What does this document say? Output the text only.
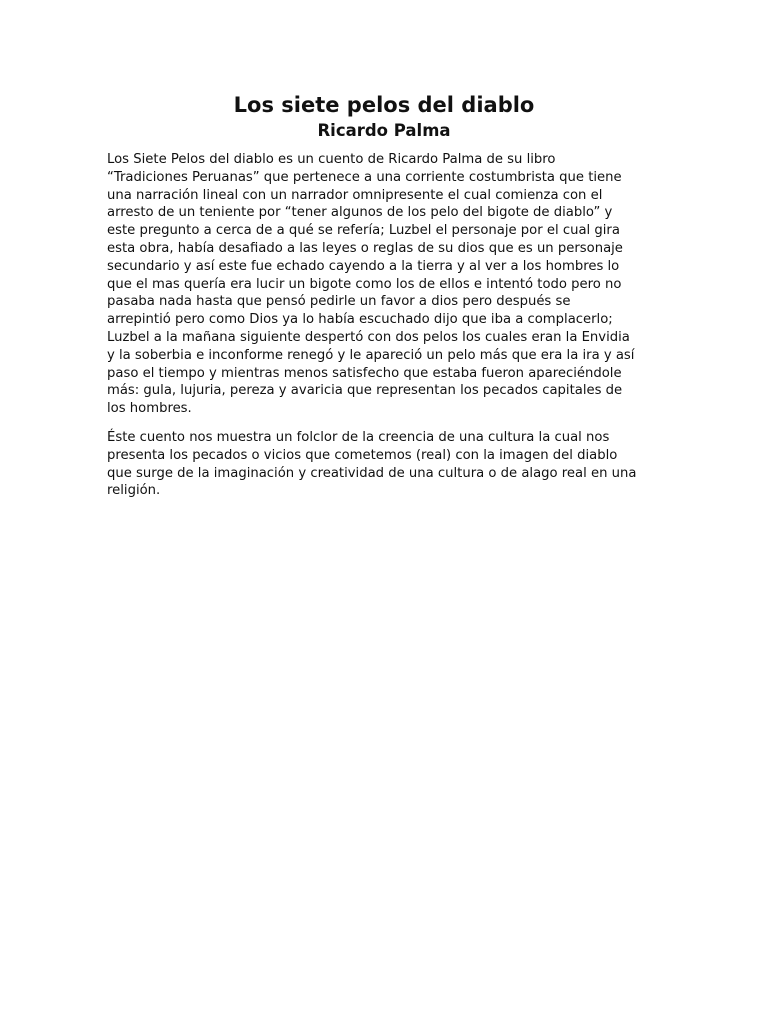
Los siete pelos del diablo
Ricardo Palma

Los Siete Pelos del diablo es un cuento de Ricardo Palma de su libro
“Tradiciones Peruanas” que pertenece a una corriente costumbrista que tiene
una narración lineal con un narrador omnipresente el cual comienza con el
arresto de un teniente por “tener algunos de los pelo del bigote de diablo” y
este pregunto a cerca de a qué se refería; Luzbel el personaje por el cual gira
esta obra, había desafiado a las leyes o reglas de su dios que es un personaje
secundario y así este fue echado cayendo a la tierra y al ver a los hombres lo
que el mas quería era lucir un bigote como los de ellos e intentó todo pero no
pasaba nada hasta que pensó pedirle un favor a dios pero después se
arrepintió pero como Dios ya lo había escuchado dijo que iba a complacerlo;
Luzbel a la mañana siguiente despertó con dos pelos los cuales eran la Envidia
y la soberbia e inconforme renegó y le apareció un pelo más que era la ira y así
paso el tiempo y mientras menos satisfecho que estaba fueron apareciéndole
más: gula, lujuria, pereza y avaricia que representan los pecados capitales de
los hombres.

Éste cuento nos muestra un folclor de la creencia de una cultura la cual nos
presenta los pecados o vicios que cometemos (real) con la imagen del diablo
que surge de la imaginación y creatividad de una cultura o de alago real en una
religión.
